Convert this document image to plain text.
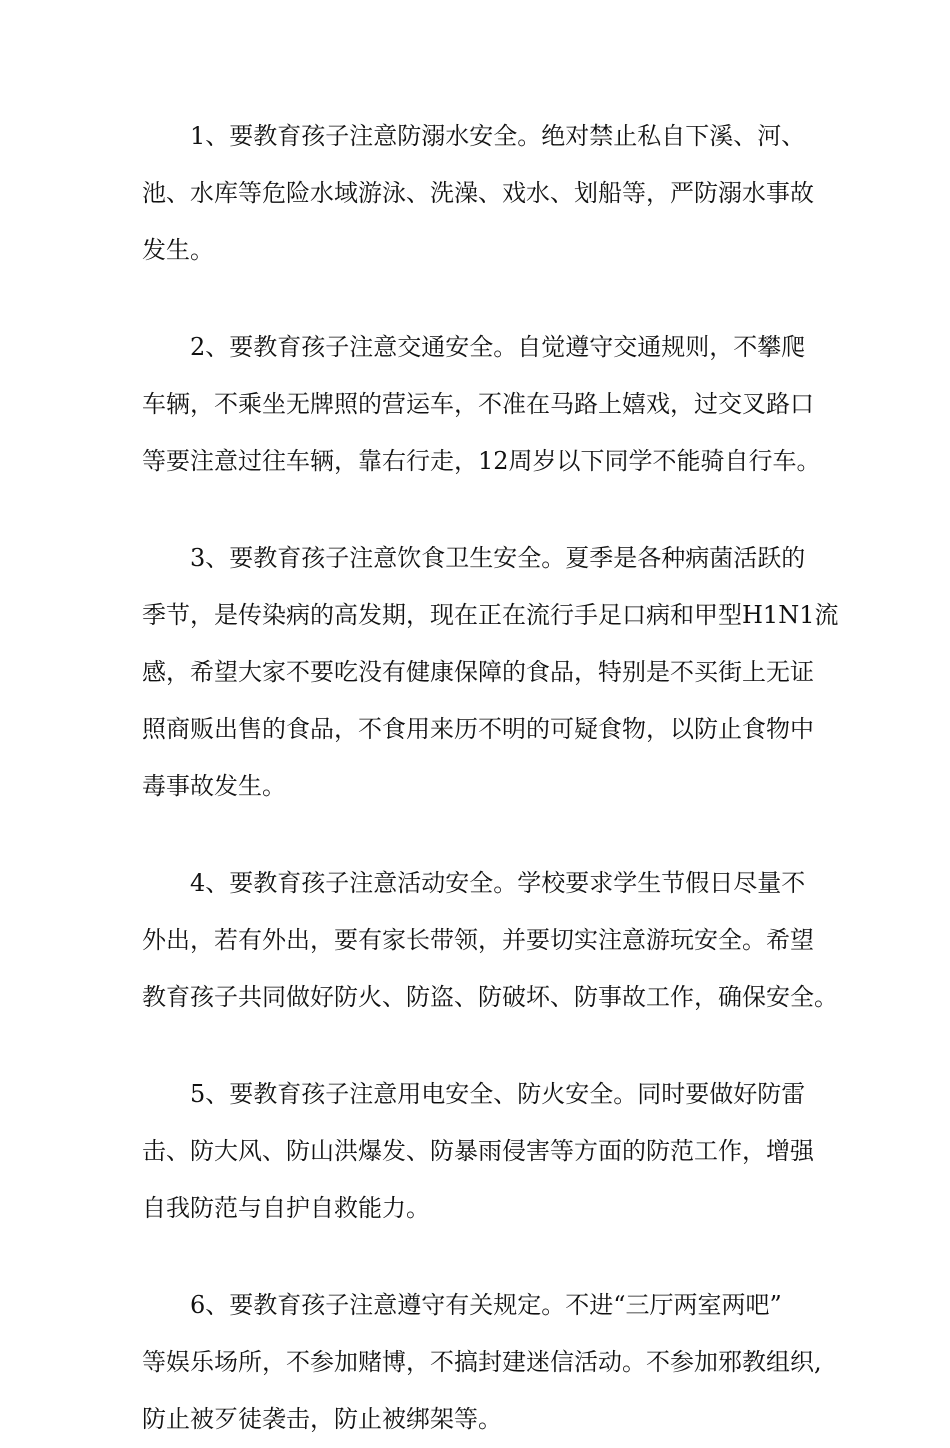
1、要教育孩子注意防溺水安全。绝对禁止私自下溪、河、
池、水库等危险水域游泳、洗澡、戏水、划船等，严防溺水事故
发生。
2、要教育孩子注意交通安全。自觉遵守交通规则，不攀爬
车辆，不乘坐无牌照的营运车，不准在马路上嬉戏，过交叉路口
等要注意过往车辆，靠右行走，12周岁以下同学不能骑自行车。
3、要教育孩子注意饮食卫生安全。夏季是各种病菌活跃的
季节，是传染病的高发期，现在正在流行手足口病和甲型H1N1流
感，希望大家不要吃没有健康保障的食品，特别是不买街上无证
照商贩出售的食品，不食用来历不明的可疑食物，以防止食物中
毒事故发生。
4、要教育孩子注意活动安全。学校要求学生节假日尽量不
外出，若有外出，要有家长带领，并要切实注意游玩安全。希望
教育孩子共同做好防火、防盗、防破坏、防事故工作，确保安全。
5、要教育孩子注意用电安全、防火安全。同时要做好防雷
击、防大风、防山洪爆发、防暴雨侵害等方面的防范工作，增强
自我防范与自护自救能力。
6、要教育孩子注意遵守有关规定。不进“三厅两室两吧”
等娱乐场所，不参加赌博，不搞封建迷信活动。不参加邪教组织,
防止被歹徒袭击，防止被绑架等。
